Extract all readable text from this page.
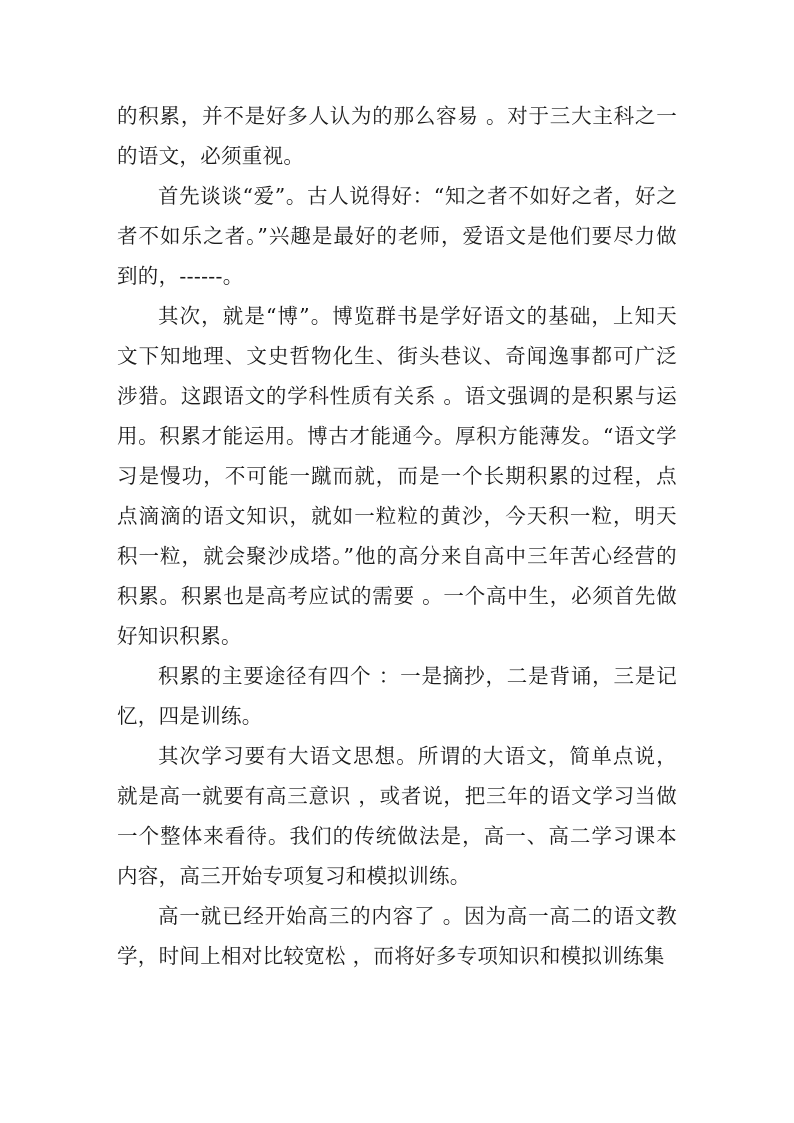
的积累，并不是好多人认为的那么容易 。对于三大主科之一的语文，必须重视。

首先谈谈“爱”。古人说得好：“知之者不如好之者，好之者不如乐之者。”兴趣是最好的老师，爱语文是他们要尽力做到的，------。

其次，就是“博”。博览群书是学好语文的基础，上知天文下知地理、文史哲物化生、街头巷议、奇闻逸事都可广泛涉猎。这跟语文的学科性质有关系 。语文强调的是积累与运用。积累才能运用。博古才能通今。厚积方能薄发。“语文学习是慢功，不可能一蹴而就，而是一个长期积累的过程，点点滴滴的语文知识，就如一粒粒的黄沙，今天积一粒，明天积一粒，就会聚沙成塔。”他的高分来自高中三年苦心经营的积累。积累也是高考应试的需要 。一个高中生，必须首先做好知识积累。

积累的主要途径有四个 ：一是摘抄，二是背诵，三是记忆，四是训练。

其次学习要有大语文思想。所谓的大语文，简单点说，就是高一就要有高三意识 ，或者说，把三年的语文学习当做一个整体来看待。我们的传统做法是，高一、高二学习课本内容，高三开始专项复习和模拟训练。

高一就已经开始高三的内容了 。因为高一高二的语文教学，时间上相对比较宽松 ，而将好多专项知识和模拟训练集
